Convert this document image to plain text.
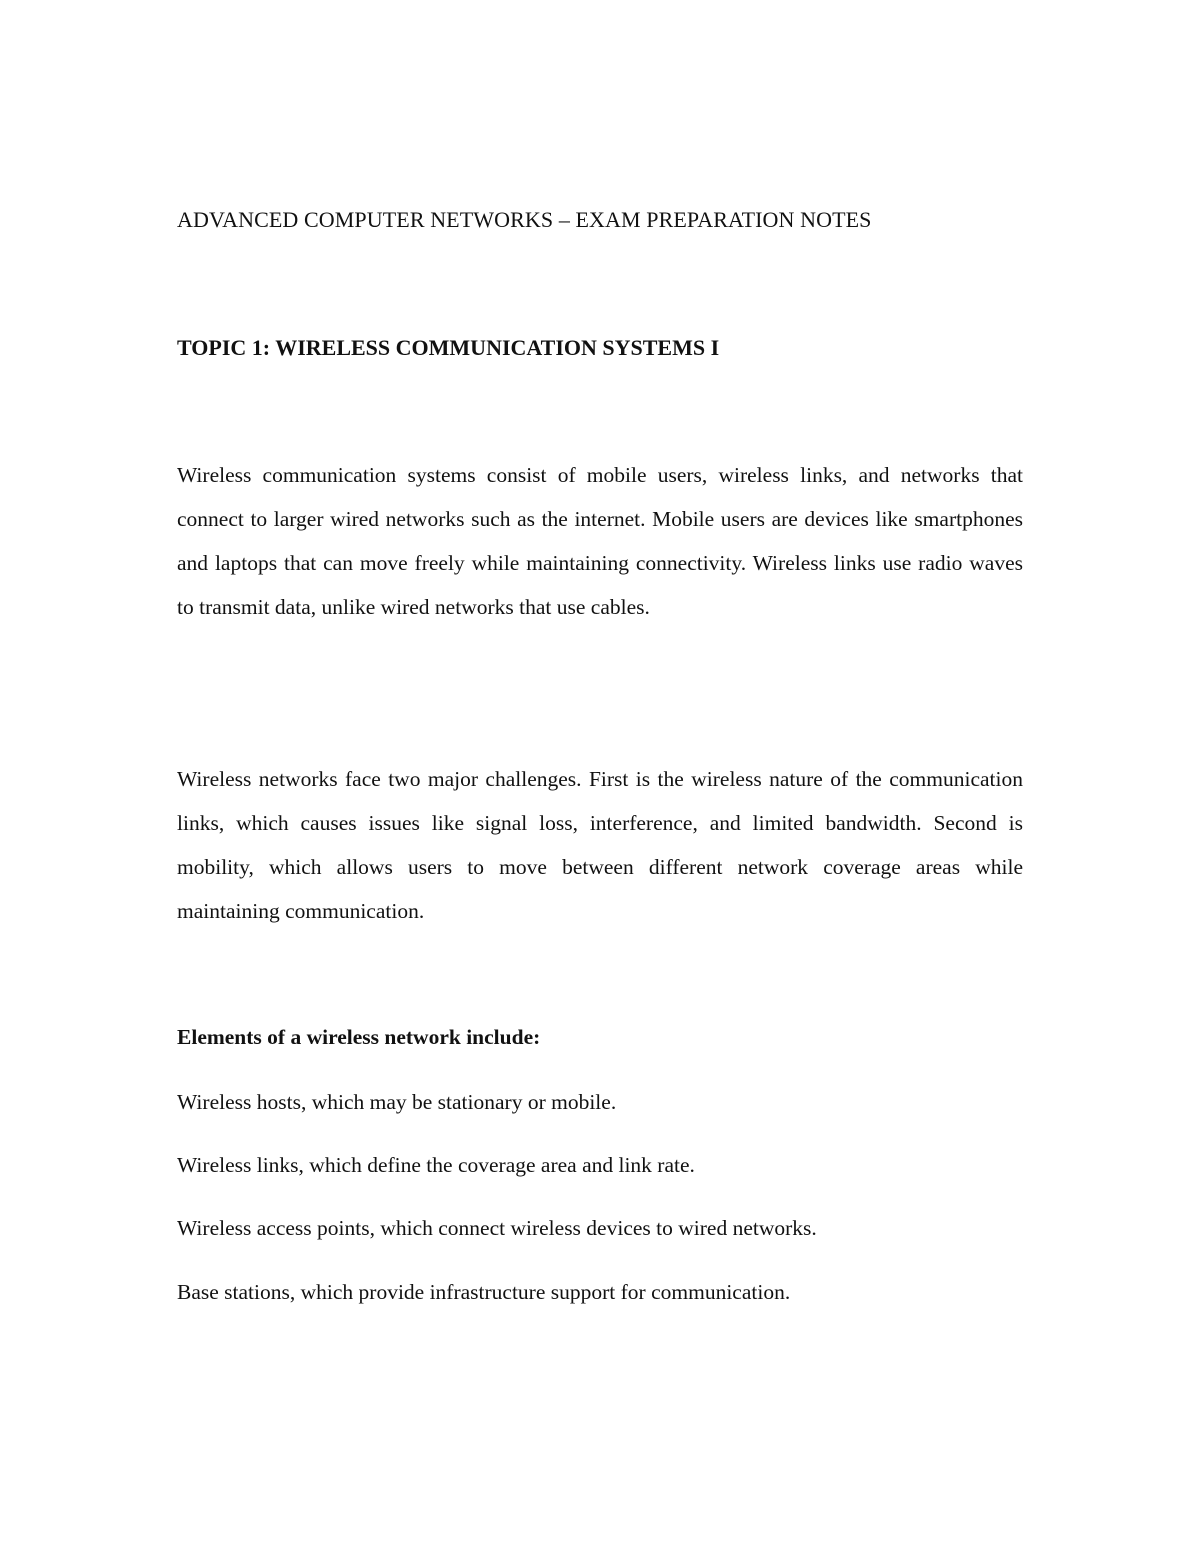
ADVANCED COMPUTER NETWORKS – EXAM PREPARATION NOTES
TOPIC 1: WIRELESS COMMUNICATION SYSTEMS I

Wireless communication systems consist of mobile users, wireless links, and networks that connect to larger wired networks such as the internet. Mobile users are devices like smartphones and laptops that can move freely while maintaining connectivity. Wireless links use radio waves to transmit data, unlike wired networks that use cables.

Wireless networks face two major challenges. First is the wireless nature of the communication links, which causes issues like signal loss, interference, and limited bandwidth. Second is mobility, which allows users to move between different network coverage areas while maintaining communication.

Elements of a wireless network include:
Wireless hosts, which may be stationary or mobile.
Wireless links, which define the coverage area and link rate.
Wireless access points, which connect wireless devices to wired networks.
Base stations, which provide infrastructure support for communication.
